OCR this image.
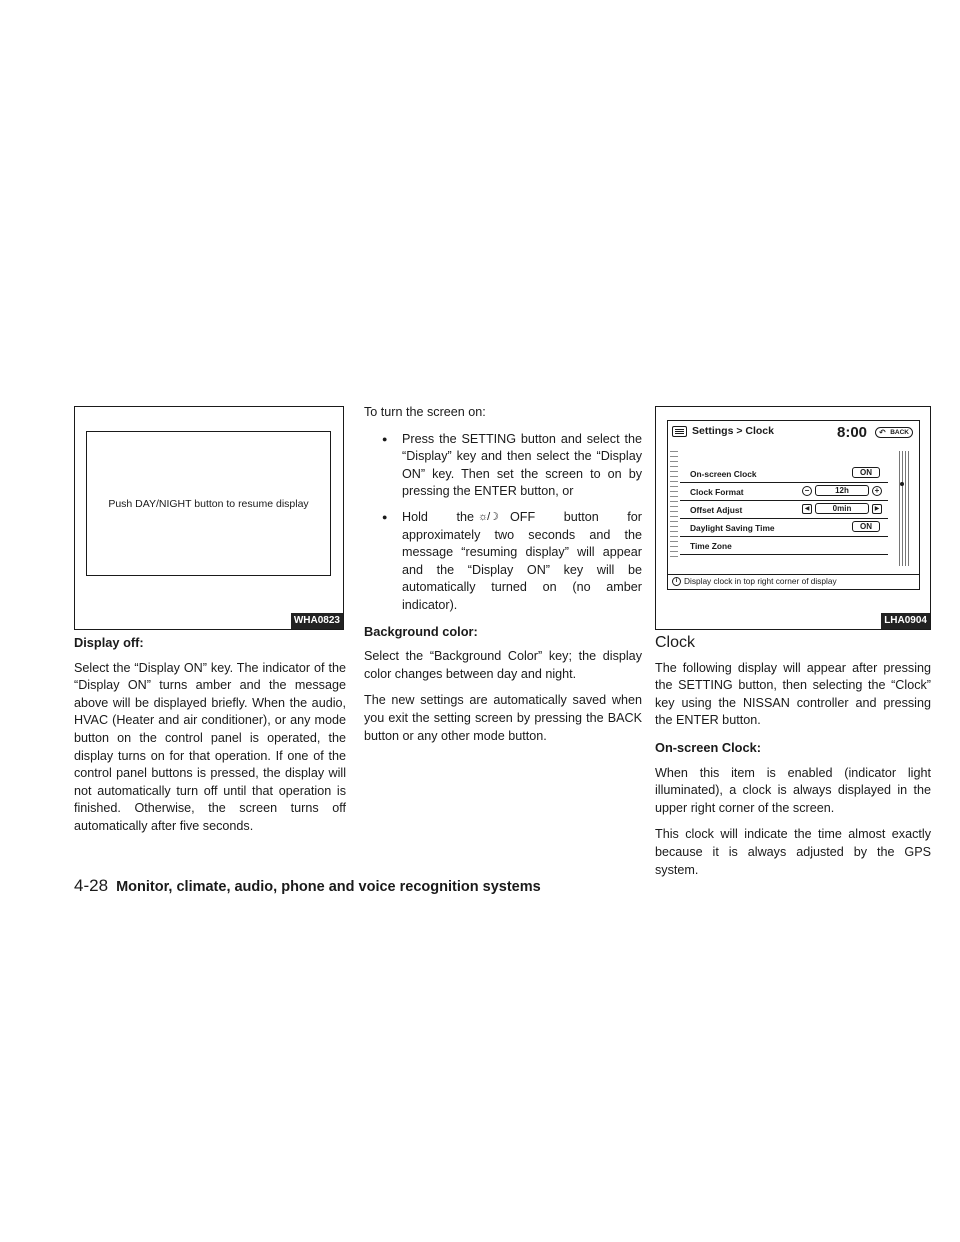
Push DAY/NIGHT button to resume display
WHA0823
Display off:

Select the “Display ON” key. The indicator of the “Display ON” turns amber and the message above will be displayed briefly. When the audio, HVAC (Heater and air conditioner), or any mode button on the control panel is operated, the display turns on for that operation. If one of the control panel buttons is pressed, the display will not automatically turn off until that operation is finished. Otherwise, the screen turns off automatically after five seconds.

To turn the screen on:

● Press the SETTING button and select the “Display” key and then select the “Display ON” key. Then set the screen to on by pressing the ENTER button, or
● Hold the ☼/☽ OFF button for approximately two seconds and the message “resuming display” will appear and the “Display ON” key will be automatically turned on (no amber indicator).
Background color:

Select the “Background Color” key; the display color changes between day and night.

The new settings are automatically saved when you exit the setting screen by pressing the BACK button or any other mode button.

Settings > Clock	8:00 ↶ BACK
On-screen Clock	ON
Clock Format	−	12h	+
Offset Adjust	◀	0min	▶
Daylight Saving Time	ON
Time Zone
i Display clock in top right corner of display
LHA0904
Clock

The following display will appear after pressing the SETTING button, then selecting the “Clock” key using the NISSAN controller and pressing the ENTER button.

On-screen Clock:

When this item is enabled (indicator light illuminated), a clock is always displayed in the upper right corner of the screen.

This clock will indicate the time almost exactly because it is always adjusted by the GPS system.

4-28 Monitor, climate, audio, phone and voice recognition systems
